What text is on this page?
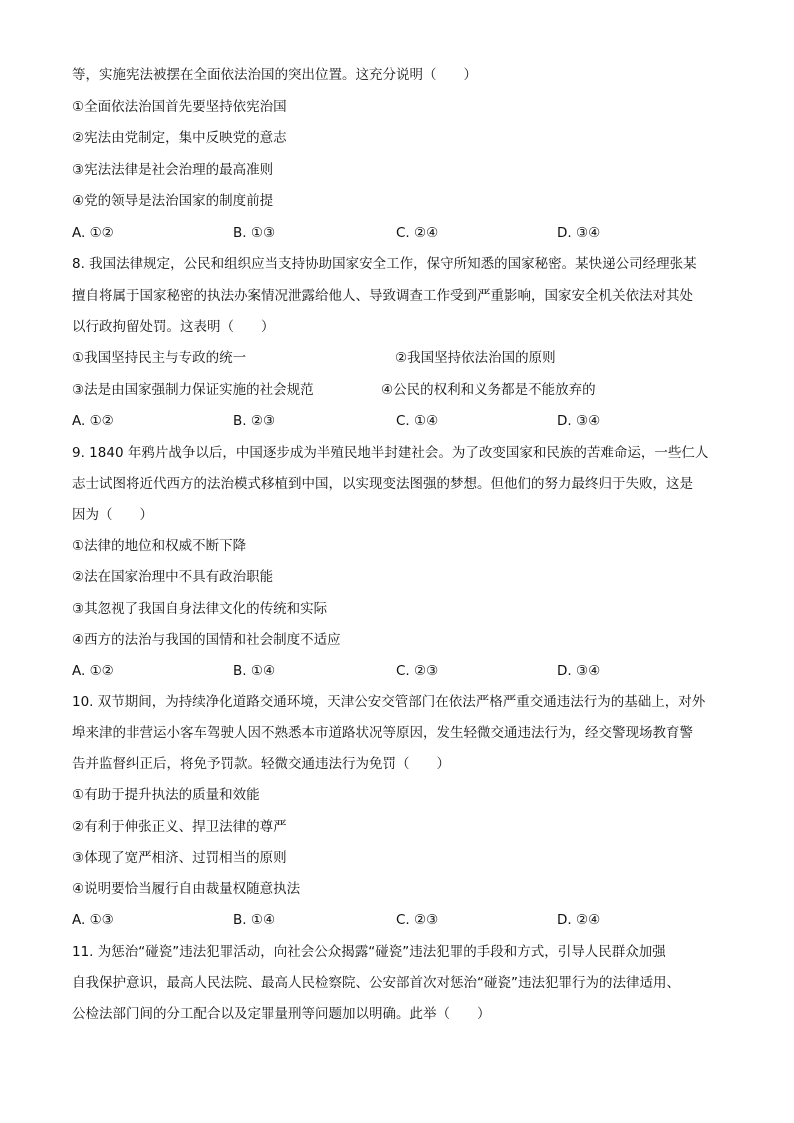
等，实施宪法被摆在全面依法治国的突出位置。这充分说明（　　）
①全面依法治国首先要坚持依宪治国
②宪法由党制定，集中反映党的意志
③宪法法律是社会治理的最高准则
④党的领导是法治国家的制度前提
A. ①②	B. ①③	C. ②④	D. ③④
8. 我国法律规定，公民和组织应当支持协助国家安全工作，保守所知悉的国家秘密。某快递公司经理张某
擅自将属于国家秘密的执法办案情况泄露给他人、导致调查工作受到严重影响，国家安全机关依法对其处
以行政拘留处罚。这表明（　　）
①我国坚持民主与专政的统一	②我国坚持依法治国的原则
③法是由国家强制力保证实施的社会规范	④公民的权利和义务都是不能放弃的
A. ①②	B. ②③	C. ①④	D. ③④
9. 1840 年鸦片战争以后，中国逐步成为半殖民地半封建社会。为了改变国家和民族的苦难命运，一些仁人
志士试图将近代西方的法治模式移植到中国，以实现变法图强的梦想。但他们的努力最终归于失败，这是
因为（　　）
①法律的地位和权威不断下降
②法在国家治理中不具有政治职能
③其忽视了我国自身法律文化的传统和实际
④西方的法治与我国的国情和社会制度不适应
A. ①②	B. ①④	C. ②③	D. ③④
10. 双节期间，为持续净化道路交通环境，天津公安交管部门在依法严格严重交通违法行为的基础上，对外
埠来津的非营运小客车驾驶人因不熟悉本市道路状况等原因，发生轻微交通违法行为，经交警现场教育警
告并监督纠正后，将免予罚款。轻微交通违法行为免罚（　　）
①有助于提升执法的质量和效能
②有利于伸张正义、捍卫法律的尊严
③体现了宽严相济、过罚相当的原则
④说明要恰当履行自由裁量权随意执法
A. ①③	B. ①④	C. ②③	D. ②④
11. 为惩治“碰瓷”违法犯罪活动，向社会公众揭露“碰瓷”违法犯罪的手段和方式，引导人民群众加强
自我保护意识，最高人民法院、最高人民检察院、公安部首次对惩治“碰瓷”违法犯罪行为的法律适用、
公检法部门间的分工配合以及定罪量刑等问题加以明确。此举（　　）
